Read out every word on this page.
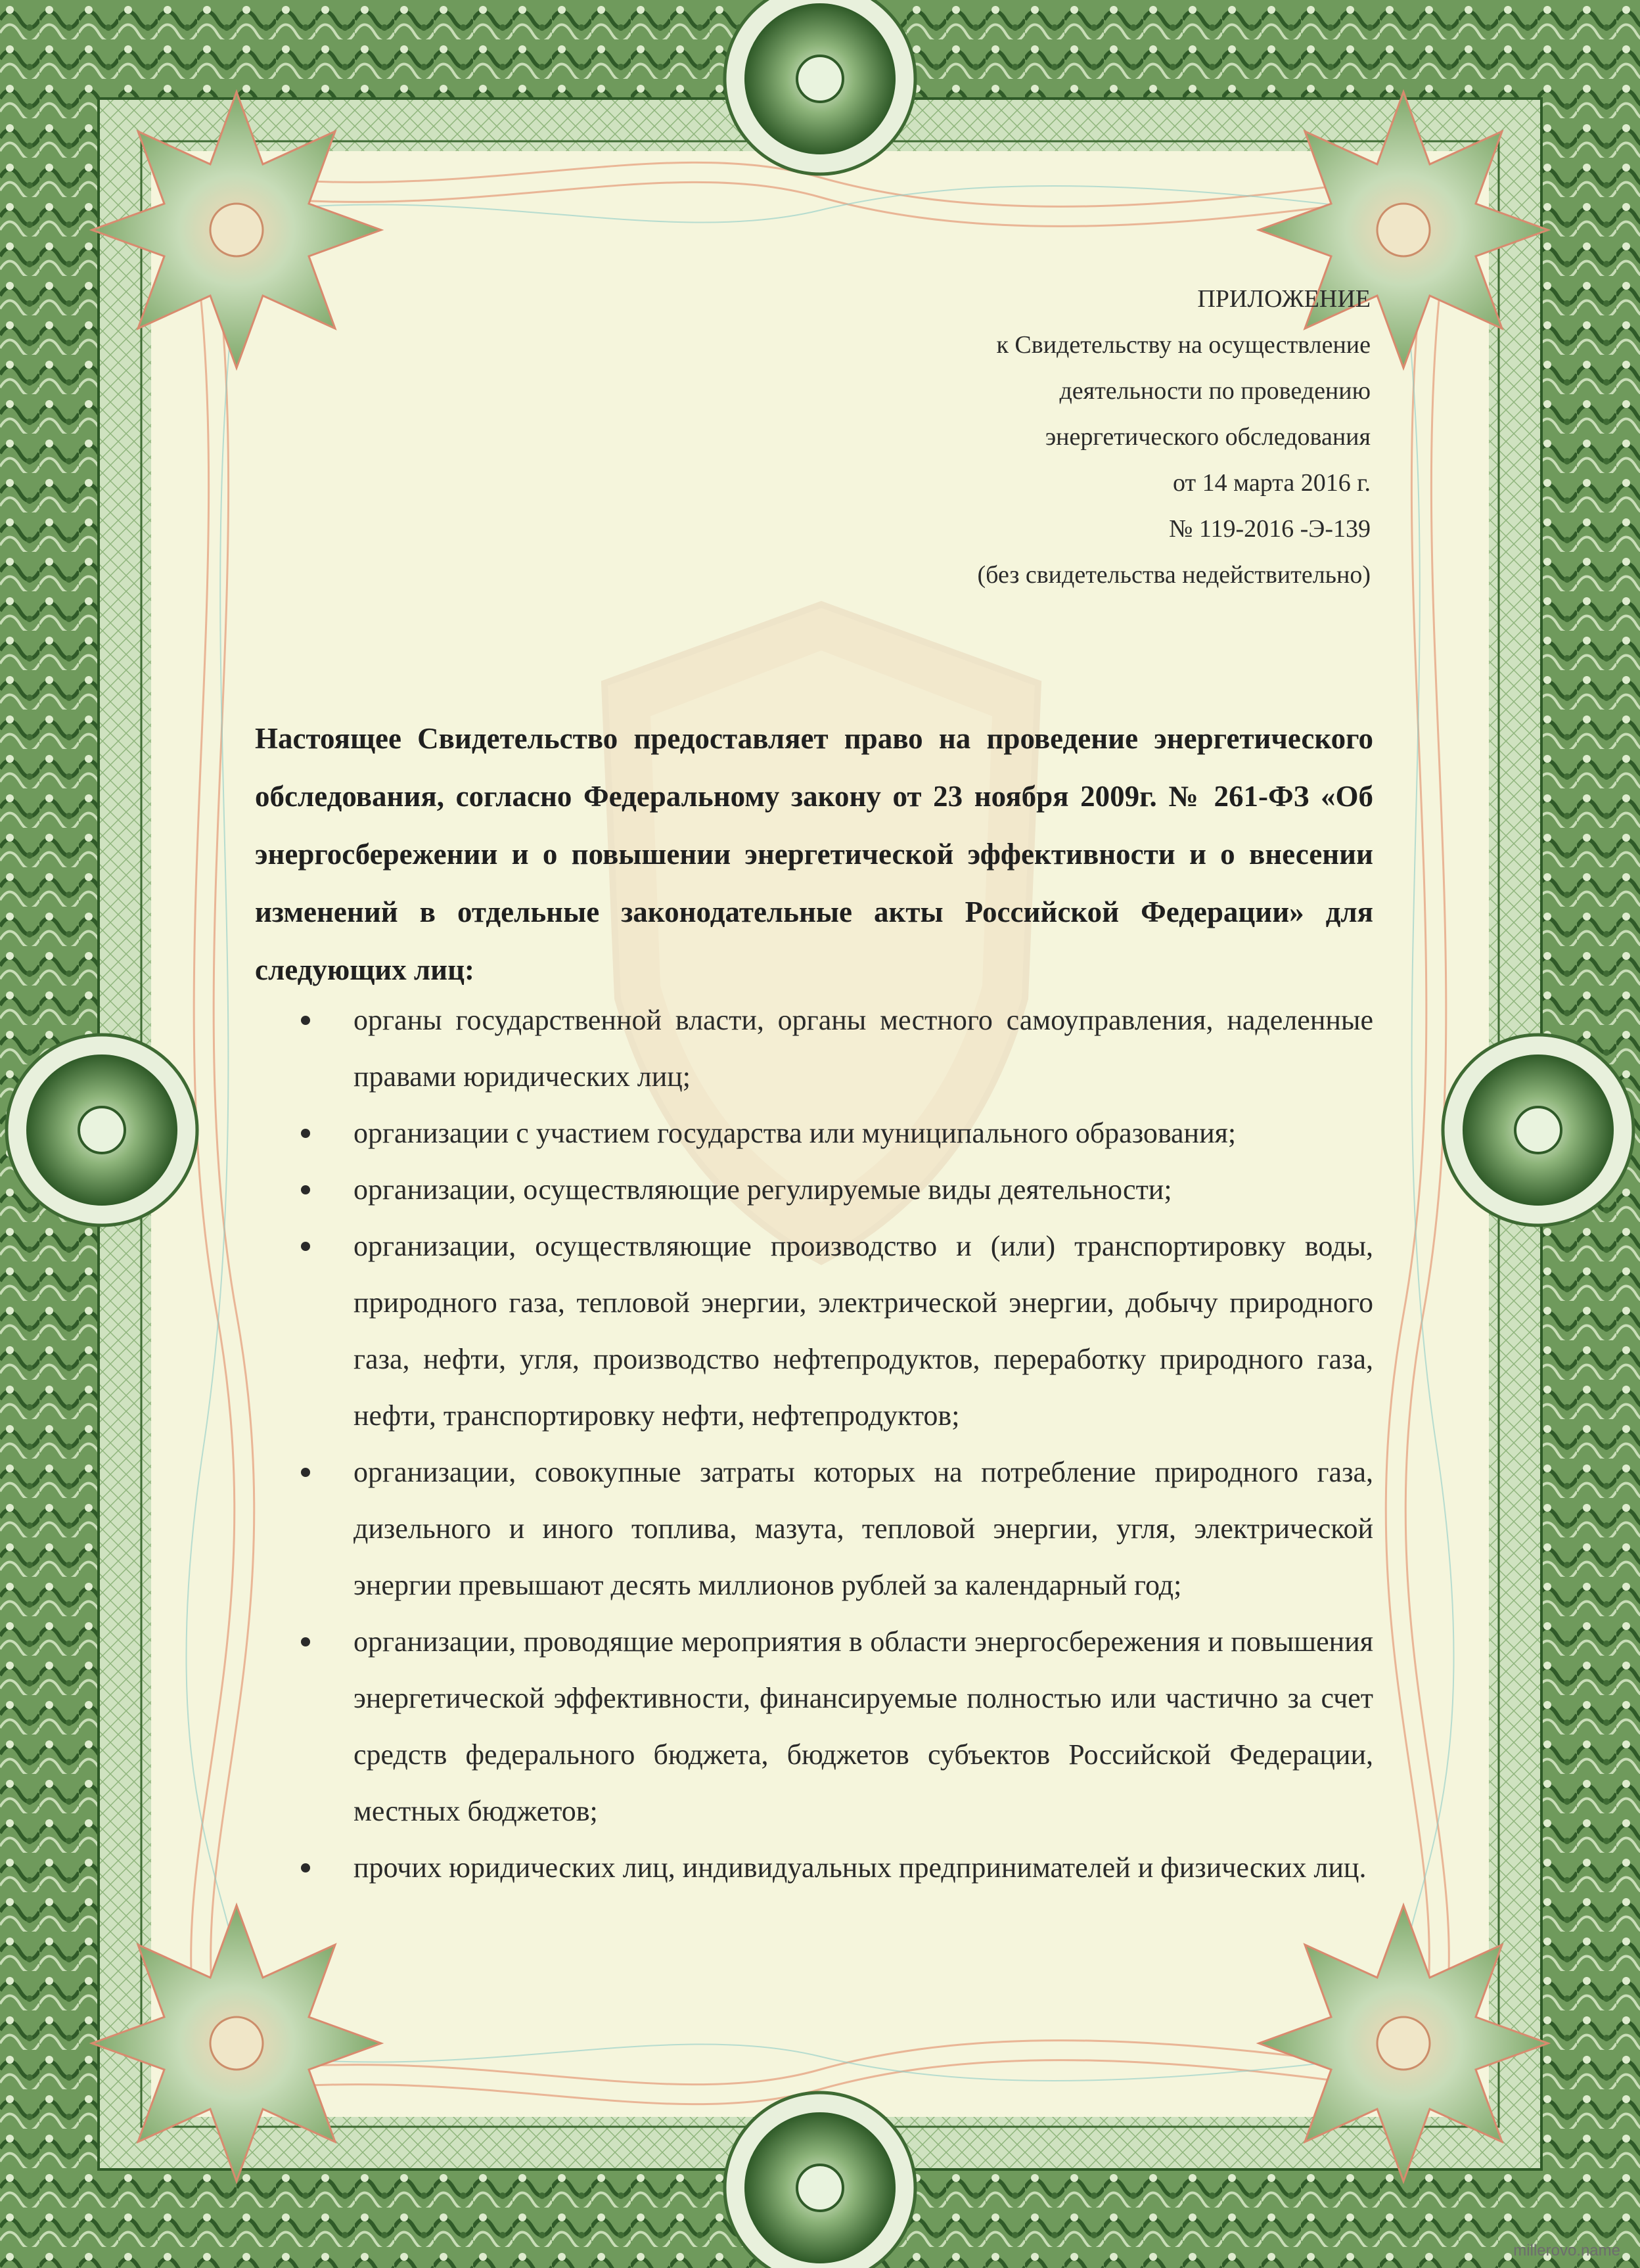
ПРИЛОЖЕНИЕ
к Свидетельству на осуществление
деятельности по проведению
энергетического обследования
от 14 марта 2016 г.
№ 119-2016 -Э-139
(без свидетельства недействительно)
Настоящее Свидетельство предоставляет право на проведение энергетического обследования, согласно Федеральному закону от 23 ноября 2009г. № 261-ФЗ «Об энергосбережении и о повышении энергетической эффективности и о внесении изменений в отдельные законодательные акты Российской Федерации» для следующих лиц:
органы государственной власти, органы местного самоуправления, наделенные правами юридических лиц;
организации с участием государства или муниципального образования;
организации, осуществляющие регулируемые виды деятельности;
организации, осуществляющие производство и (или) транспортировку воды, природного газа, тепловой энергии, электрической энергии, добычу природного газа, нефти, угля, производство нефтепродуктов, переработку природного газа, нефти, транспортировку нефти, нефтепродуктов;
организации, совокупные затраты которых на потребление природного газа, дизельного и иного топлива, мазута, тепловой энергии, угля, электрической энергии превышают десять миллионов рублей за календарный год;
организации, проводящие мероприятия в области энергосбережения и повышения энергетической эффективности, финансируемые полностью или частично за счет средств федерального бюджета, бюджетов субъектов Российской Федерации, местных бюджетов;
прочих юридических лиц, индивидуальных предпринимателей и физических лиц.
millerovo.name
